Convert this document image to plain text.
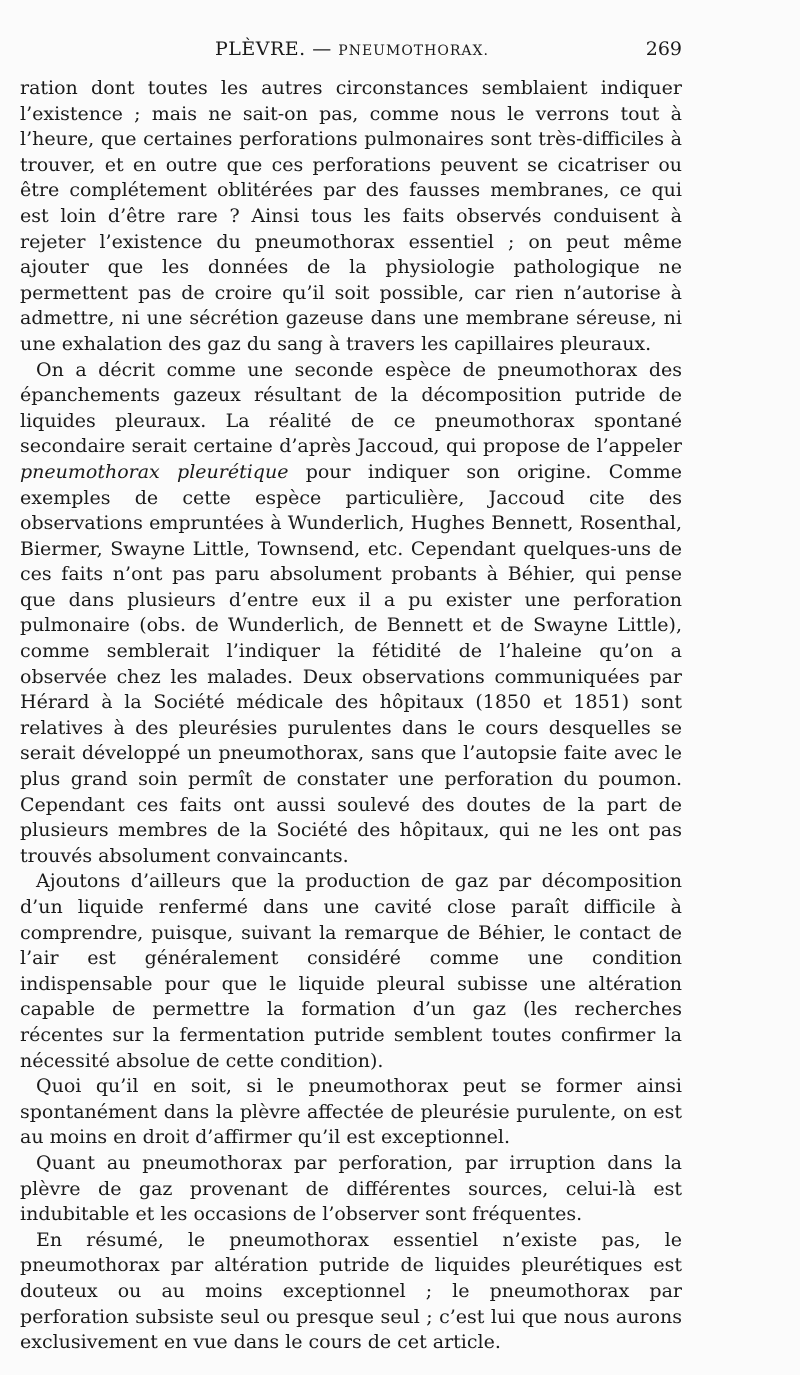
PLÈVRE. — PNEUMOTHORAX.	269

ration dont toutes les autres circonstances semblaient indiquer l’existence ; mais ne sait-on pas, comme nous le verrons tout à l’heure, que certaines perforations pulmonaires sont très-difficiles à trouver, et en outre que ces perforations peuvent se cicatriser ou être complétement oblitérées par des fausses membranes, ce qui est loin d’être rare ? Ainsi tous les faits observés conduisent à rejeter l’existence du pneumothorax essentiel ; on peut même ajouter que les données de la physiologie pathologique ne permettent pas de croire qu’il soit possible, car rien n’autorise à admettre, ni une sécrétion gazeuse dans une membrane séreuse, ni une exhalation des gaz du sang à travers les capillaires pleuraux.

On a décrit comme une seconde espèce de pneumothorax des épanchements gazeux résultant de la décomposition putride de liquides pleuraux. La réalité de ce pneumothorax spontané secondaire serait certaine d’après Jaccoud, qui propose de l’appeler pneumothorax pleurétique pour indiquer son origine. Comme exemples de cette espèce particulière, Jaccoud cite des observations empruntées à Wunderlich, Hughes Bennett, Rosenthal, Biermer, Swayne Little, Townsend, etc. Cependant quelques-uns de ces faits n’ont pas paru absolument probants à Béhier, qui pense que dans plusieurs d’entre eux il a pu exister une perforation pulmonaire (obs. de Wunderlich, de Bennett et de Swayne Little), comme semblerait l’indiquer la fétidité de l’haleine qu’on a observée chez les malades. Deux observations communiquées par Hérard à la Société médicale des hôpitaux (1850 et 1851) sont relatives à des pleurésies purulentes dans le cours desquelles se serait développé un pneumothorax, sans que l’autopsie faite avec le plus grand soin permît de constater une perforation du poumon. Cependant ces faits ont aussi soulevé des doutes de la part de plusieurs membres de la Société des hôpitaux, qui ne les ont pas trouvés absolument convaincants.

Ajoutons d’ailleurs que la production de gaz par décomposition d’un liquide renfermé dans une cavité close paraît difficile à comprendre, puisque, suivant la remarque de Béhier, le contact de l’air est généralement considéré comme une condition indispensable pour que le liquide pleural subisse une altération capable de permettre la formation d’un gaz (les recherches récentes sur la fermentation putride semblent toutes confirmer la nécessité absolue de cette condition).

Quoi qu’il en soit, si le pneumothorax peut se former ainsi spontanément dans la plèvre affectée de pleurésie purulente, on est au moins en droit d’affirmer qu’il est exceptionnel.

Quant au pneumothorax par perforation, par irruption dans la plèvre de gaz provenant de différentes sources, celui-là est indubitable et les occasions de l’observer sont fréquentes.

En résumé, le pneumothorax essentiel n’existe pas, le pneumothorax par altération putride de liquides pleurétiques est douteux ou au moins exceptionnel ; le pneumothorax par perforation subsiste seul ou presque seul ; c’est lui que nous aurons exclusivement en vue dans le cours de cet article.
